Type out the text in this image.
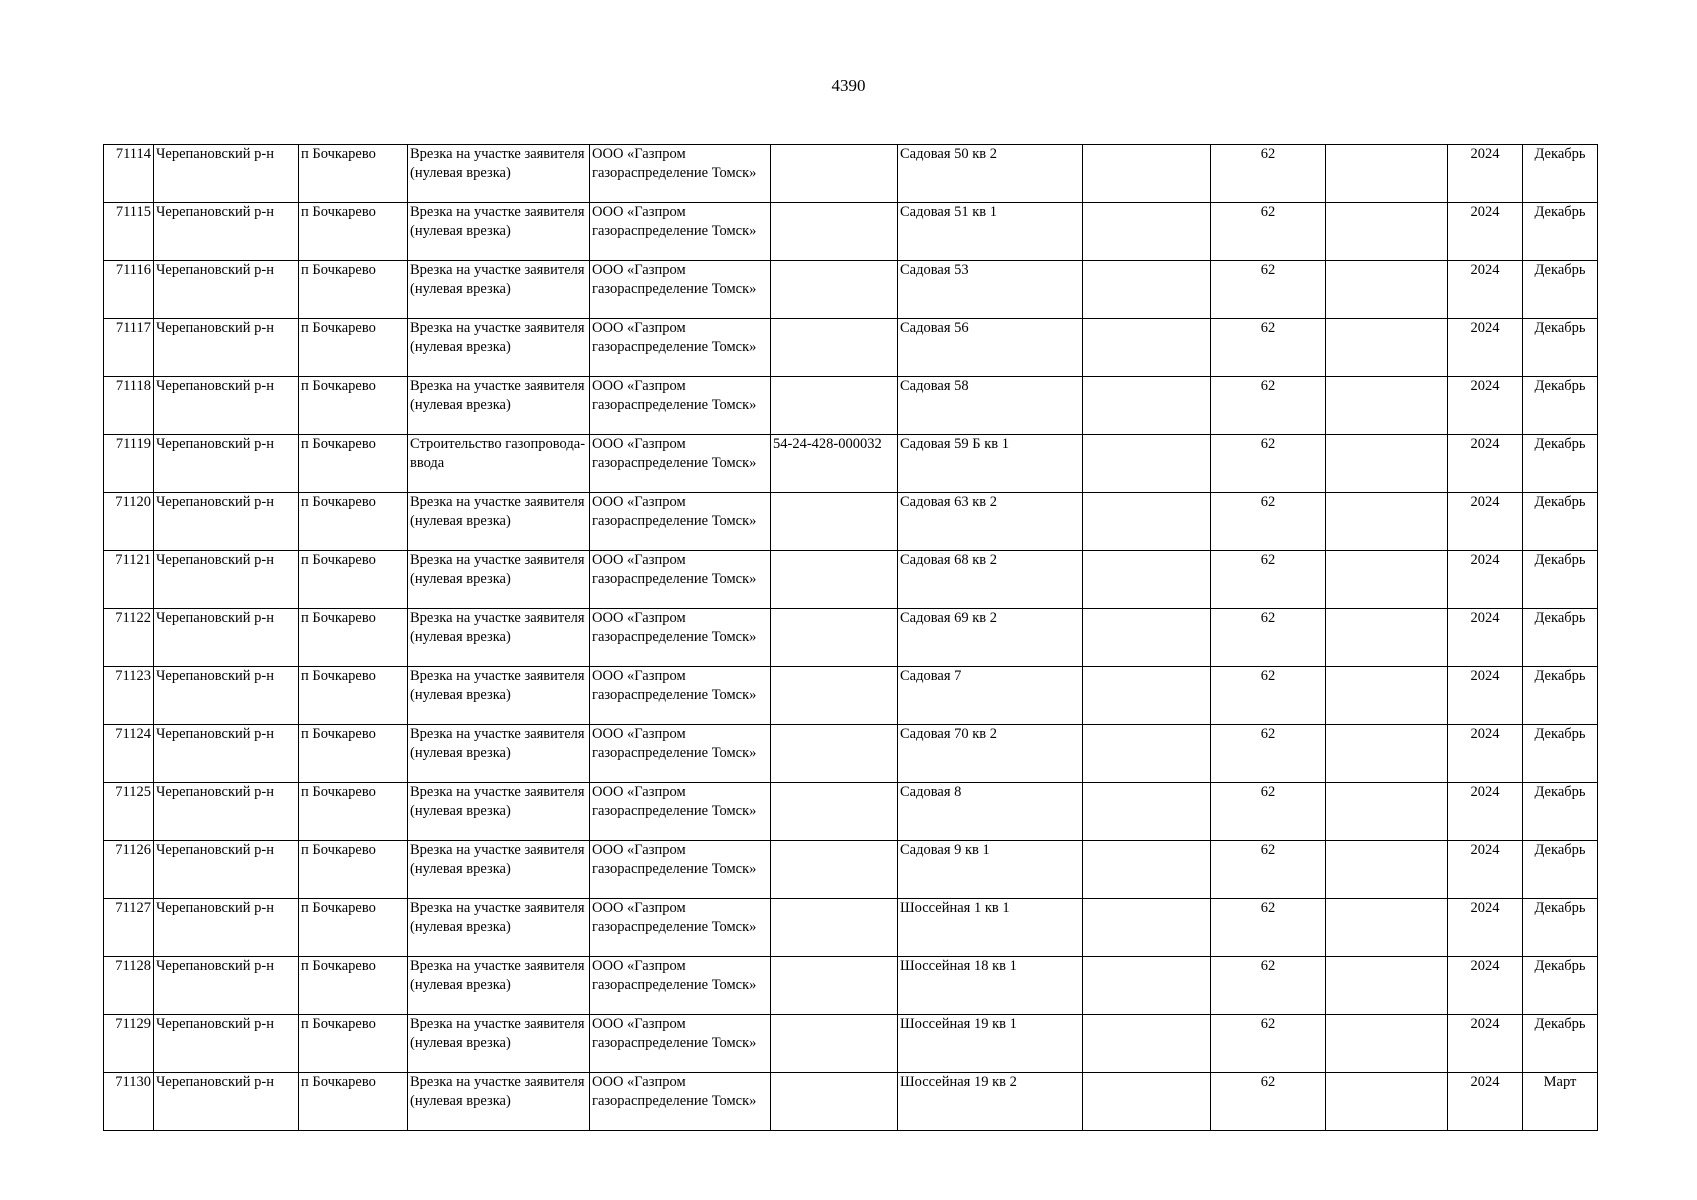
4390
71114	Черепановский р-н	п Бочкарево	Врезка на участке заявителя (нулевая врезка)	ООО «Газпром газораспределение Томск»		Садовая 50 кв 2		62		2024	Декабрь
71115	Черепановский р-н	п Бочкарево	Врезка на участке заявителя (нулевая врезка)	ООО «Газпром газораспределение Томск»		Садовая 51 кв 1		62		2024	Декабрь
71116	Черепановский р-н	п Бочкарево	Врезка на участке заявителя (нулевая врезка)	ООО «Газпром газораспределение Томск»		Садовая 53		62		2024	Декабрь
71117	Черепановский р-н	п Бочкарево	Врезка на участке заявителя (нулевая врезка)	ООО «Газпром газораспределение Томск»		Садовая 56		62		2024	Декабрь
71118	Черепановский р-н	п Бочкарево	Врезка на участке заявителя (нулевая врезка)	ООО «Газпром газораспределение Томск»		Садовая 58		62		2024	Декабрь
71119	Черепановский р-н	п Бочкарево	Строительство газопровода-ввода	ООО «Газпром газораспределение Томск»	54-24-428-000032	Садовая 59 Б кв 1		62		2024	Декабрь
71120	Черепановский р-н	п Бочкарево	Врезка на участке заявителя (нулевая врезка)	ООО «Газпром газораспределение Томск»		Садовая 63 кв 2		62		2024	Декабрь
71121	Черепановский р-н	п Бочкарево	Врезка на участке заявителя (нулевая врезка)	ООО «Газпром газораспределение Томск»		Садовая 68 кв 2		62		2024	Декабрь
71122	Черепановский р-н	п Бочкарево	Врезка на участке заявителя (нулевая врезка)	ООО «Газпром газораспределение Томск»		Садовая 69 кв 2		62		2024	Декабрь
71123	Черепановский р-н	п Бочкарево	Врезка на участке заявителя (нулевая врезка)	ООО «Газпром газораспределение Томск»		Садовая 7		62		2024	Декабрь
71124	Черепановский р-н	п Бочкарево	Врезка на участке заявителя (нулевая врезка)	ООО «Газпром газораспределение Томск»		Садовая 70 кв 2		62		2024	Декабрь
71125	Черепановский р-н	п Бочкарево	Врезка на участке заявителя (нулевая врезка)	ООО «Газпром газораспределение Томск»		Садовая 8		62		2024	Декабрь
71126	Черепановский р-н	п Бочкарево	Врезка на участке заявителя (нулевая врезка)	ООО «Газпром газораспределение Томск»		Садовая 9 кв 1		62		2024	Декабрь
71127	Черепановский р-н	п Бочкарево	Врезка на участке заявителя (нулевая врезка)	ООО «Газпром газораспределение Томск»		Шоссейная 1 кв 1		62		2024	Декабрь
71128	Черепановский р-н	п Бочкарево	Врезка на участке заявителя (нулевая врезка)	ООО «Газпром газораспределение Томск»		Шоссейная 18 кв 1		62		2024	Декабрь
71129	Черепановский р-н	п Бочкарево	Врезка на участке заявителя (нулевая врезка)	ООО «Газпром газораспределение Томск»		Шоссейная 19 кв 1		62		2024	Декабрь
71130	Черепановский р-н	п Бочкарево	Врезка на участке заявителя (нулевая врезка)	ООО «Газпром газораспределение Томск»		Шоссейная 19 кв 2		62		2024	Март
